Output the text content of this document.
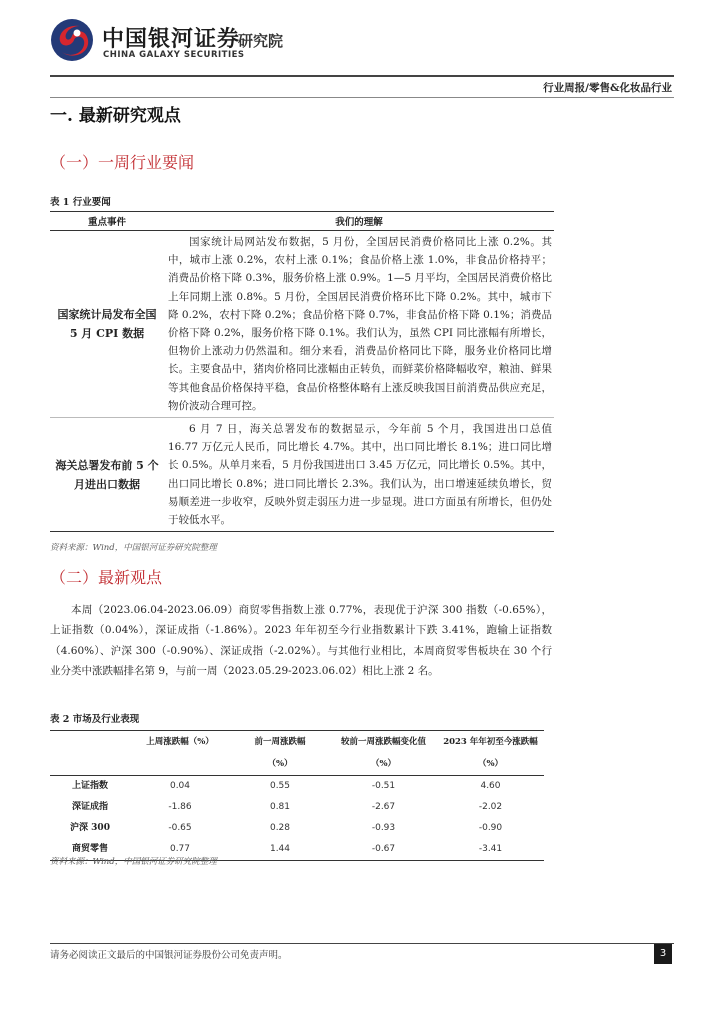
中国银河证券
研究院
CHINA GALAXY SECURITIES
行业周报/零售&化妆品行业
一. 最新研究观点
（一）一周行业要闻
表 1 行业要闻
重点事件	我们的理解
国家统计局发布全国 5 月 CPI 数据	国家统计局网站发布数据，5 月份，全国居民消费价格同比上涨 0.2%。其中，城市上涨 0.2%，农村上涨 0.1%；食品价格上涨 1.0%，非食品价格持平；消费品价格下降 0.3%，服务价格上涨 0.9%。1—5 月平均，全国居民消费价格比上年同期上涨 0.8%。5 月份，全国居民消费价格环比下降 0.2%。其中，城市下降 0.2%，农村下降 0.2%；食品价格下降 0.7%，非食品价格下降 0.1%；消费品价格下降 0.2%，服务价格下降 0.1%。我们认为，虽然 CPI 同比涨幅有所增长，但物价上涨动力仍然温和。细分来看，消费品价格同比下降，服务业价格同比增长。主要食品中，猪肉价格同比涨幅由正转负，而鲜菜价格降幅收窄，粮油、鲜果等其他食品价格保持平稳，食品价格整体略有上涨反映我国目前消费品供应充足，物价波动合理可控。
海关总署发布前 5 个月进出口数据	6 月 7 日，海关总署发布的数据显示，今年前 5 个月，我国进出口总值 16.77 万亿元人民币，同比增长 4.7%。其中，出口同比增长 8.1%；进口同比增长 0.5%。从单月来看，5 月份我国进出口 3.45 万亿元，同比增长 0.5%。其中，出口同比增长 0.8%；进口同比增长 2.3%。我们认为，出口增速延续负增长，贸易顺差进一步收窄，反映外贸走弱压力进一步显现。进口方面虽有所增长，但仍处于较低水平。
资料来源：Wind，中国银河证券研究院整理
（二）最新观点

本周（2023.06.04-2023.06.09）商贸零售指数上涨 0.77%，表现优于沪深 300 指数（-0.65%），上证指数（0.04%），深证成指（-1.86%）。2023 年年初至今行业指数累计下跌 3.41%，跑输上证指数（4.60%）、沪深 300（-0.90%）、深证成指（-2.02%）。与其他行业相比，本周商贸零售板块在 30 个行业分类中涨跌幅排名第 9，与前一周（2023.05.29-2023.06.02）相比上涨 2 名。

表 2 市场及行业表现
	上周涨跌幅（%）	前一周涨跌幅	较前一周涨跌幅变化值	2023 年年初至今涨跌幅
		（%）	（%）	（%）
上证指数	0.04	0.55	-0.51	4.60
深证成指	-1.86	0.81	-2.67	-2.02
沪深 300	-0.65	0.28	-0.93	-0.90
商贸零售	0.77	1.44	-0.67	-3.41
资料来源：Wind，中国银河证券研究院整理
请务必阅读正文最后的中国银河证券股份公司免责声明。	3
